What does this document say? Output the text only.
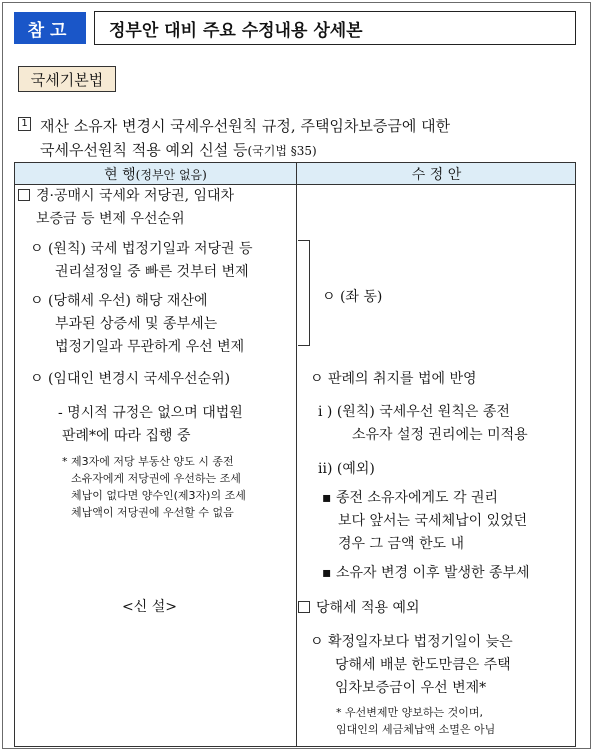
참고	정부안 대비 주요 수정내용 상세본
국세기본법
1 재산 소유자 변경시 국세우선원칙 규정, 주택임차보증금에 대한
국세우선원칙 적용 예외 신설 등(국기법 §35)
현 행 (정부안 없음)	수 정 안
경·공매시 국세와 저당권, 임대차
보증금 등 변제 우선순위
ㅇ (원칙) 국세 법정기일과 저당권 등
권리설정일 중 빠른 것부터 변제
ㅇ (당해세 우선) 해당 재산에
부과된 상증세 및 종부세는
법정기일과 무관하게 우선 변제
ㅇ (임대인 변경시 국세우선순위)
- 명시적 규정은 없으며 대법원
판례*에 따라 집행 중
* 제3자에 저당 부동산 양도 시 종전
소유자에게 저당권에 우선하는 조세
체납이 없다면 양수인(제3자)의 조세
체납액이 저당권에 우선할 수 없음
<신 설>
ㅇ (좌 동)
ㅇ 판례의 취지를 법에 반영
i ) (원칙) 국세우선 원칙은 종전
소유자 설정 권리에는 미적용
ii) (예외)
▪ 종전 소유자에게도 각 권리
보다 앞서는 국세체납이 있었던
경우 그 금액 한도 내
▪ 소유자 변경 이후 발생한 종부세
당해세 적용 예외
ㅇ 확정일자보다 법정기일이 늦은
당해세 배분 한도만큼은 주택
임차보증금이 우선 변제*
* 우선변제만 양보하는 것이며,
임대인의 세금체납액 소멸은 아님
